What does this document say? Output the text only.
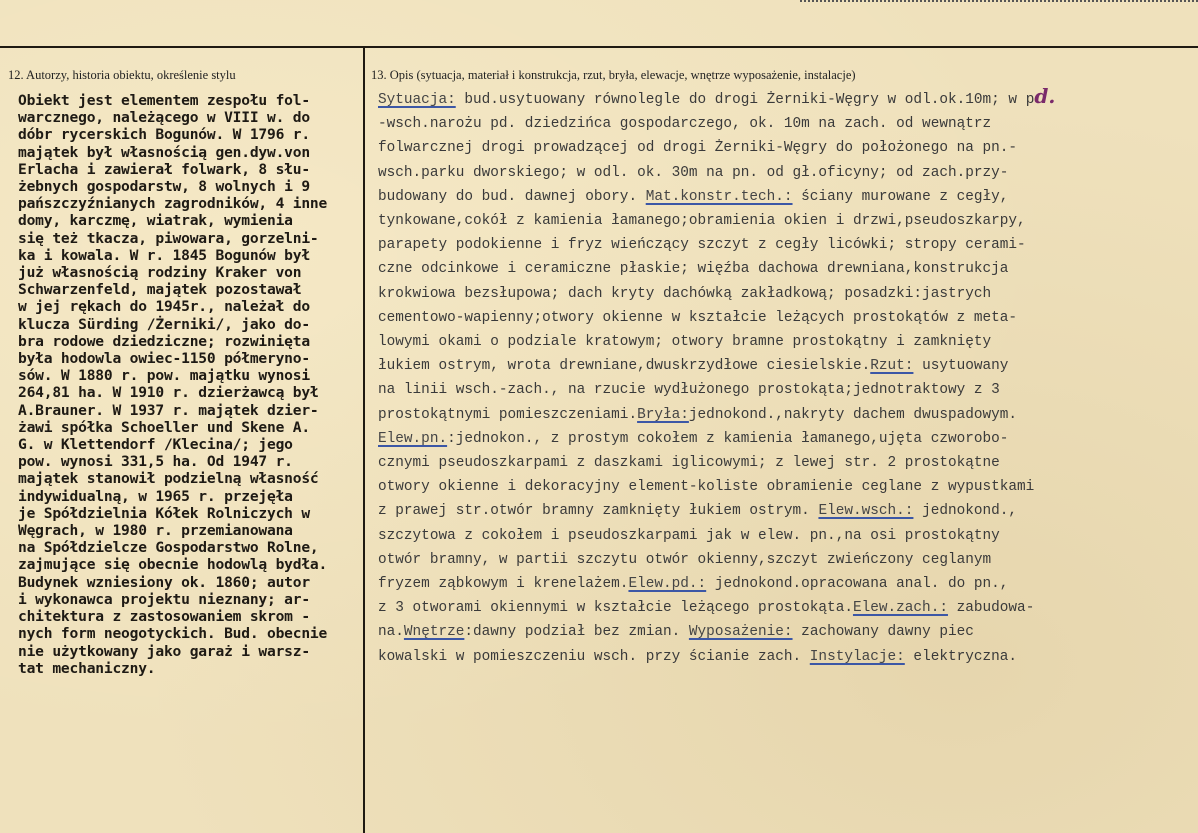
12. Autorzy, historia obiektu, określenie stylu	13. Opis (sytuacja, materiał i konstrukcja, rzut, bryła, elewacje, wnętrze wyposażenie, instalacje)
Obiekt jest elementem zespołu fol-
warcznego, należącego w VIII w. do
dóbr rycerskich Bogunów. W 1796 r.
majątek był własnością gen.dyw.von
Erlacha i zawierał folwark, 8 słu-
żebnych gospodarstw, 8 wolnych i 9
pańszczyźnianych zagrodników, 4 inne
domy, karczmę, wiatrak, wymienia
się też tkacza, piwowara, gorzelni-
ka i kowala. W r. 1845 Bogunów był
już własnością rodziny Kraker von
Schwarzenfeld, majątek pozostawał
w jej rękach do 1945r., należał do
klucza Sürding /Żerniki/, jako do-
bra rodowe dziedziczne; rozwinięta
była hodowla owiec-1150 półmeryno-
sów. W 1880 r. pow. majątku wynosi
264,81 ha. W 1910 r. dzierżawcą był
A.Brauner. W 1937 r. majątek dzier-
żawi spółka Schoeller und Skene A.
G. w Klettendorf /Klecina/; jego
pow. wynosi 331,5 ha. Od 1947 r.
majątek stanowił podzielną własność
indywidualną, w 1965 r. przejęła
je Spółdzielnia Kółek Rolniczych w
Węgrach, w 1980 r. przemianowana
na Spółdzielcze Gospodarstwo Rolne,
zajmujące się obecnie hodowlą bydła.
Budynek wzniesiony ok. 1860; autor
i wykonawca projektu nieznany; ar-
chitektura z zastosowaniem skrom -
nych form neogotyckich. Bud. obecnie
nie użytkowany jako garaż i warsz-
tat mechaniczny.
Sytuacja: bud.usytuowany równolegle do drogi Żerniki-Węgry w odl.ok.10m; w pd.
-wsch.narożu pd. dziedzińca gospodarczego, ok. 10m na zach. od wewnątrz
folwarcznej drogi prowadzącej od drogi Żerniki-Węgry do położonego na pn.-
wsch.parku dworskiego; w odl. ok. 30m na pn. od gł.oficyny; od zach.przy-
budowany do bud. dawnej obory. Mat.konstr.tech.: ściany murowane z cegły,
tynkowane,cokół z kamienia łamanego;obramienia okien i drzwi,pseudoszkarpy,
parapety podokienne i fryz wieńczący szczyt z cegły licówki; stropy cerami-
czne odcinkowe i ceramiczne płaskie; więźba dachowa drewniana,konstrukcja
krokwiowa bezsłupowa; dach kryty dachówką zakładkową; posadzki:jastrych
cementowo-wapienny;otwory okienne w kształcie leżących prostokątów z meta-
lowymi okami o podziale kratowym; otwory bramne prostokątny i zamknięty
łukiem ostrym, wrota drewniane,dwuskrzydłowe ciesielskie.Rzut: usytuowany
na linii wsch.-zach., na rzucie wydłużonego prostokąta;jednotraktowy z 3
prostokątnymi pomieszczeniami.Bryła:jednokond.,nakryty dachem dwuspadowym.
Elew.pn.:jednokon., z prostym cokołem z kamienia łamanego,ujęta czworobo-
cznymi pseudoszkarpami z daszkami iglicowymi; z lewej str. 2 prostokątne
otwory okienne i dekoracyjny element-koliste obramienie ceglane z wypustkami
z prawej str.otwór bramny zamknięty łukiem ostrym. Elew.wsch.: jednokond.,
szczytowa z cokołem i pseudoszkarpami jak w elew. pn.,na osi prostokątny
otwór bramny, w partii szczytu otwór okienny,szczyt zwieńczony ceglanym
fryzem ząbkowym i krenelażem.Elew.pd.: jednokond.opracowana anal. do pn.,
z 3 otworami okiennymi w kształcie leżącego prostokąta.Elew.zach.: zabudowa-
na.Wnętrze:dawny podział bez zmian. Wyposażenie: zachowany dawny piec
kowalski w pomieszczeniu wsch. przy ścianie zach. Instylacje: elektryczna.
